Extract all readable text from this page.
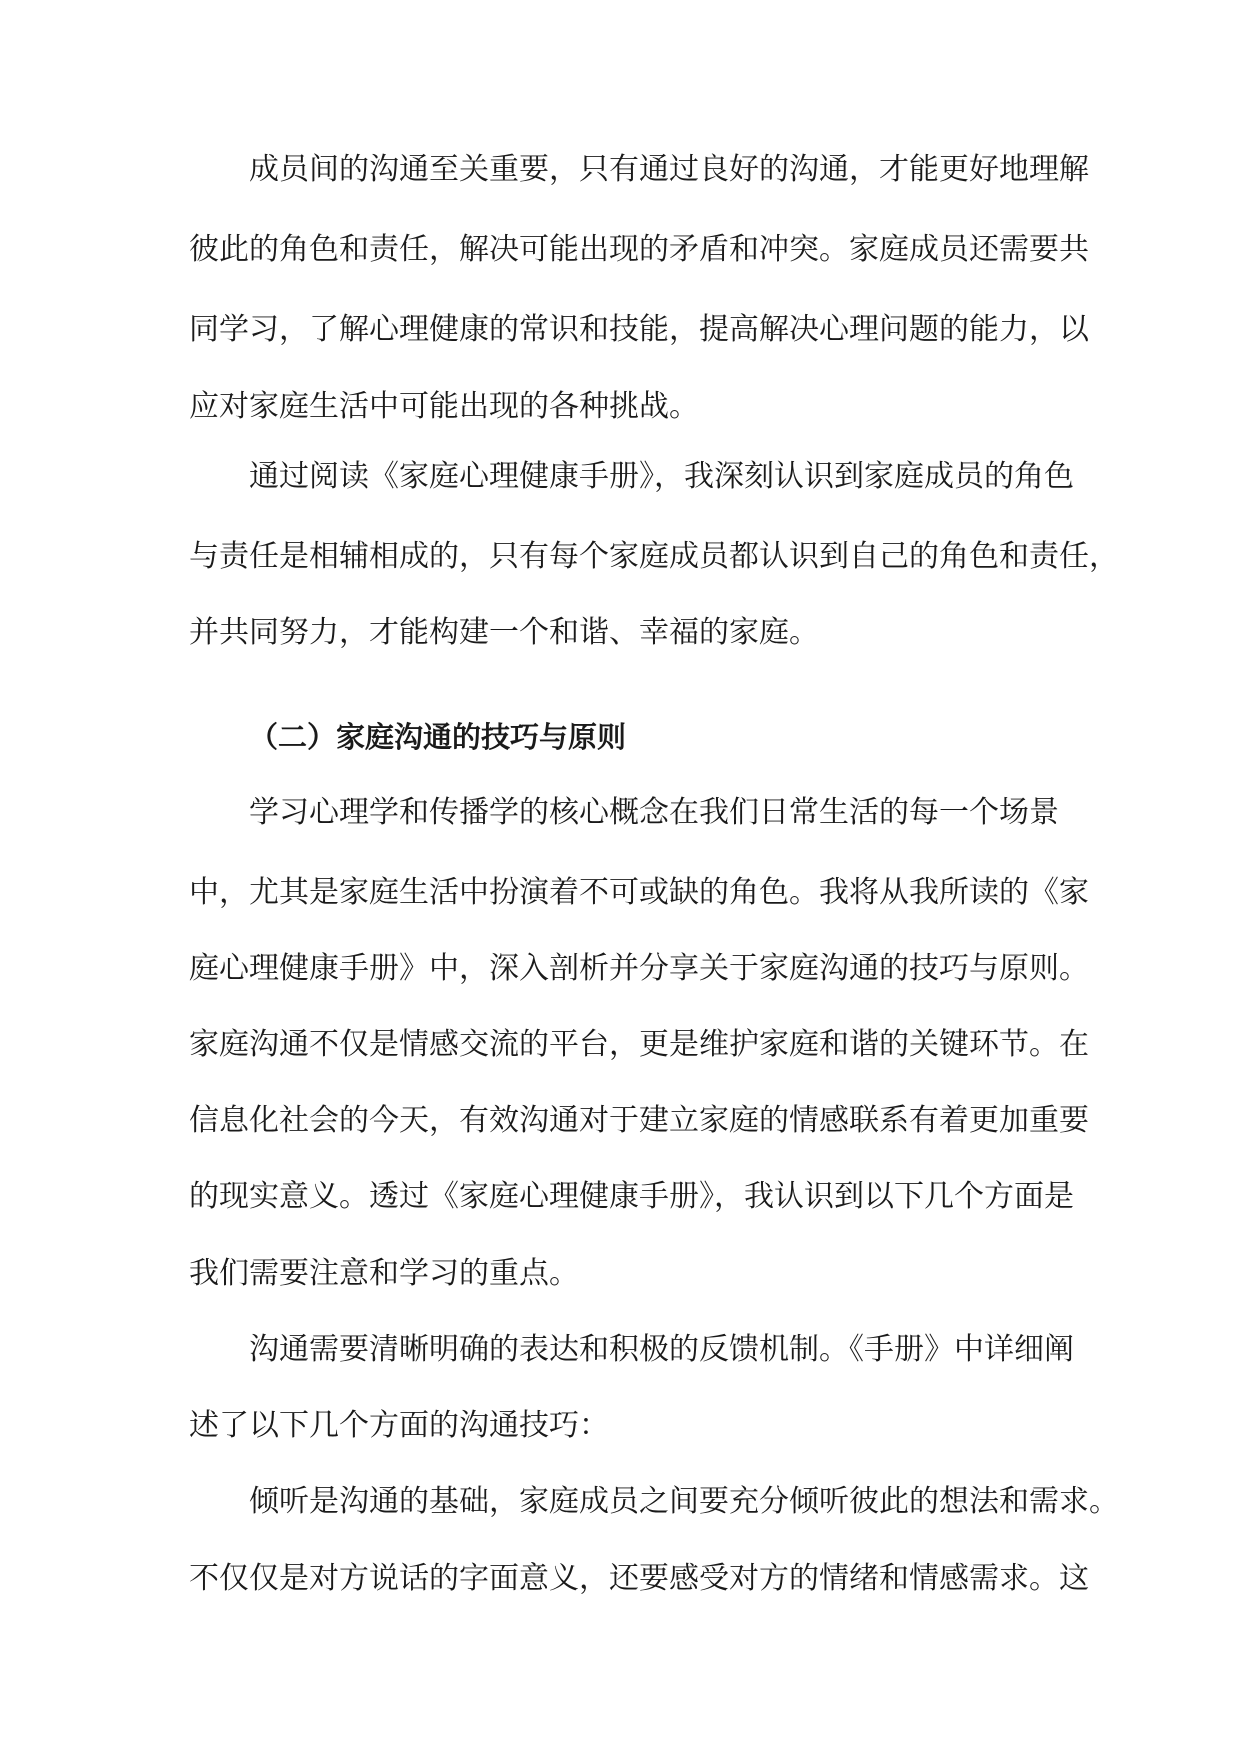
成员间的沟通至关重要，只有通过良好的沟通，才能更好地理解
彼此的角色和责任，解决可能出现的矛盾和冲突。家庭成员还需要共
同学习，了解心理健康的常识和技能，提高解决心理问题的能力，以
应对家庭生活中可能出现的各种挑战。
通过阅读《家庭心理健康手册》，我深刻认识到家庭成员的角色
与责任是相辅相成的，只有每个家庭成员都认识到自己的角色和责任，
并共同努力，才能构建一个和谐、幸福的家庭。
（二）家庭沟通的技巧与原则
学习心理学和传播学的核心概念在我们日常生活的每一个场景
中，尤其是家庭生活中扮演着不可或缺的角色。我将从我所读的《家
庭心理健康手册》中，深入剖析并分享关于家庭沟通的技巧与原则。
家庭沟通不仅是情感交流的平台，更是维护家庭和谐的关键环节。在
信息化社会的今天，有效沟通对于建立家庭的情感联系有着更加重要
的现实意义。透过《家庭心理健康手册》，我认识到以下几个方面是
我们需要注意和学习的重点。
沟通需要清晰明确的表达和积极的反馈机制。《手册》中详细阐
述了以下几个方面的沟通技巧：
倾听是沟通的基础，家庭成员之间要充分倾听彼此的想法和需求。
不仅仅是对方说话的字面意义，还要感受对方的情绪和情感需求。这
